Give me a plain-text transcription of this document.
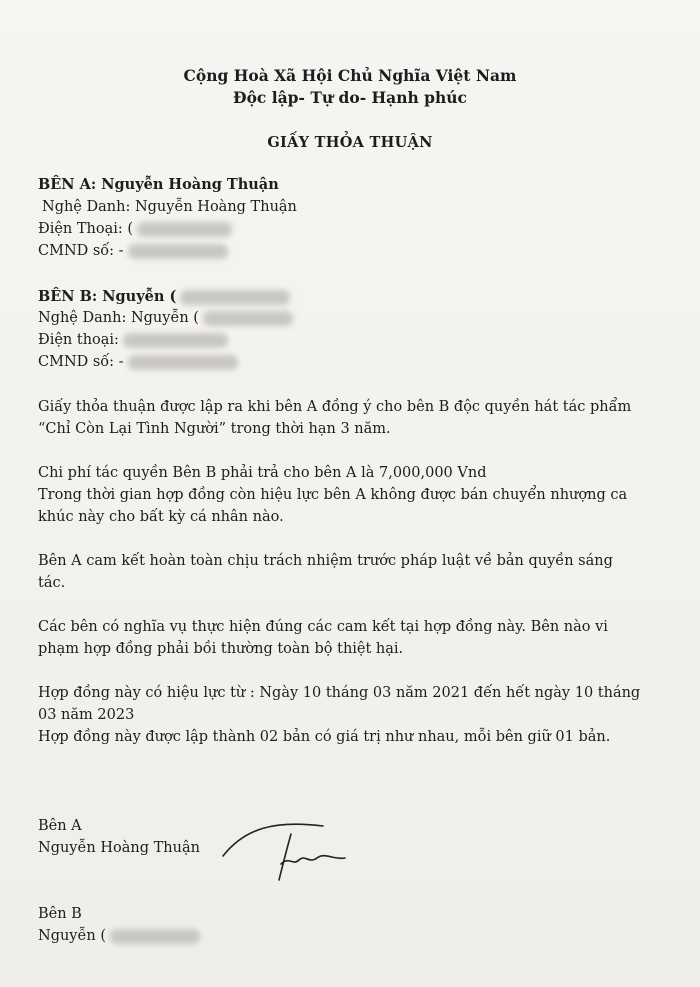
Cộng Hoà Xã Hội Chủ Nghĩa Việt Nam
Độc lập- Tự do- Hạnh phúc
GIẤY THỎA THUẬN
BÊN A: Nguyễn Hoàng Thuận
Nghệ Danh: Nguyễn Hoàng Thuận
Điện Thoại: (
CMND số: -
BÊN B: Nguyễn (
Nghệ Danh: Nguyễn (
Điện thoại:
CMND số: -
Giấy thỏa thuận được lập ra khi bên A đồng ý cho bên B độc quyền hát tác phẩm
“Chỉ Còn Lại Tình Người” trong thời hạn 3 năm.
Chi phí tác quyền Bên B phải trả cho bên A là 7,000,000 Vnd
Trong thời gian hợp đồng còn hiệu lực bên A không được bán chuyển nhượng ca
khúc này cho bất kỳ cá nhân nào.
Bên A cam kết hoàn toàn chịu trách nhiệm trước pháp luật về bản quyền sáng
tác.
Các bên có nghĩa vụ thực hiện đúng các cam kết tại hợp đồng này. Bên nào vi
phạm hợp đồng phải bồi thường toàn bộ thiệt hại.
Hợp đồng này có hiệu lực từ : Ngày 10 tháng 03 năm 2021 đến hết ngày 10 tháng
03 năm 2023
Hợp đồng này được lập thành 02 bản có giá trị như nhau, mỗi bên giữ 01 bản.
Bên A
Nguyễn Hoàng Thuận
Bên B
Nguyễn (
